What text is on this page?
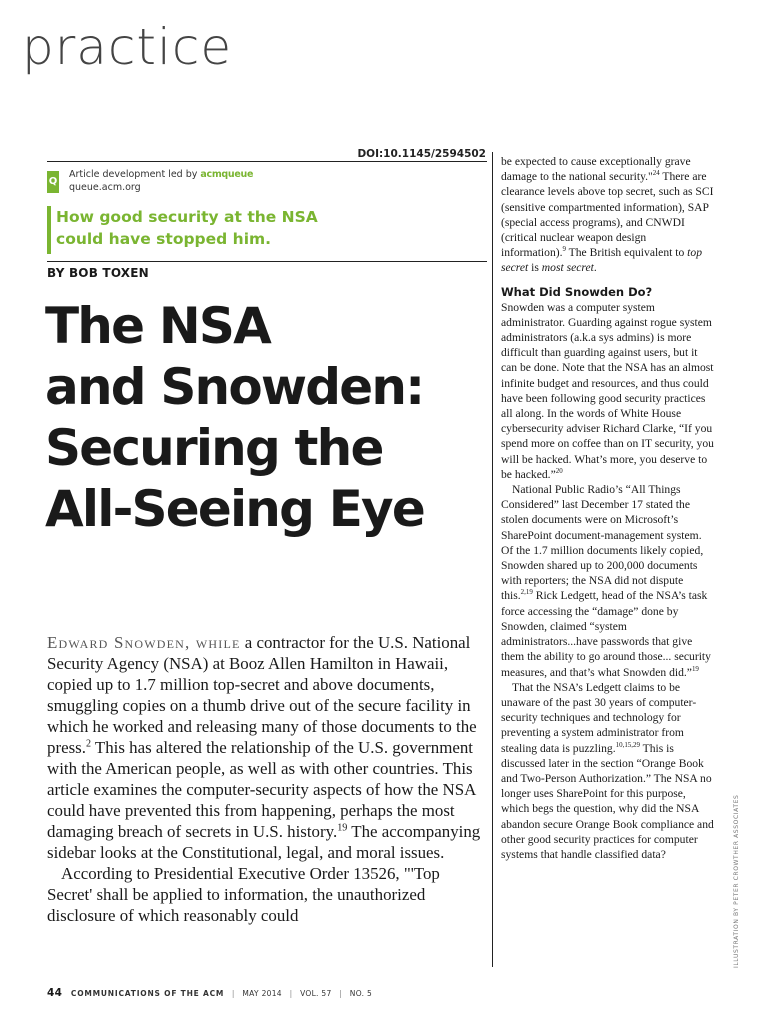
practice
DOI:10.1145/2594502
Q
Article development led by acmqueue
queue.acm.org
How good security at the NSA
could have stopped him.
BY BOB TOXEN
The NSA
and Snowden:
Securing the
All-Seeing Eye

Edward Snowden, while a contractor for the U.S. National Security Agency (NSA) at Booz Allen Hamilton in Hawaii, copied up to 1.7 million top-secret and above documents, smuggling copies on a thumb drive out of the secure facility in which he worked and releasing many of those documents to the press.$^2$ This has altered the relationship of the U.S. government with the American people, as well as with other countries. This article examines the computer-security aspects of how the NSA could have prevented this from happening, perhaps the most damaging breach of secrets in U.S. history.$^{19}$ The accompanying sidebar looks at the Constitutional, legal, and moral issues.

According to Presidential Executive Order 13526, "'Top Secret' shall be applied to information, the unauthorized disclosure of which reasonably could

be expected to cause exceptionally grave damage to the national security."$^{24}$ There are clearance levels above top secret, such as SCI (sensitive compartmented information), SAP (special access programs), and CNWDI (critical nuclear weapon design information).$^9$ The British equivalent to top secret is most secret.

What Did Snowden Do?

Snowden was a computer system administrator. Guarding against rogue system administrators (a.k.a sys admins) is more difficult than guarding against users, but it can be done. Note that the NSA has an almost infinite budget and resources, and thus could have been following good security practices all along. In the words of White House cybersecurity adviser Richard Clarke, “If you spend more on coffee than on IT security, you will be hacked. What’s more, you deserve to be hacked.”$^{20}$

National Public Radio’s “All Things Considered” last December 17 stated the stolen documents were on Microsoft’s SharePoint document-management system. Of the 1.7 million documents likely copied, Snowden shared up to 200,000 documents with reporters; the NSA did not dispute this.$^{2,19}$ Rick Ledgett, head of the NSA’s task force accessing the “damage” done by Snowden, claimed “system administrators...have passwords that give them the ability to go around those... security measures, and that’s what Snowden did.”$^{19}$

That the NSA’s Ledgett claims to be unaware of the past 30 years of computer-security techniques and technology for preventing a system administrator from stealing data is puzzling.$^{10,15,29}$ This is discussed later in the section “Orange Book and Two-Person Authorization.” The NSA no longer uses SharePoint for this purpose, which begs the question, why did the NSA abandon secure Orange Book compliance and other good security practices for computer systems that handle classified data?	ILLUSTRATION BY PETER CROWTHER ASSOCIATES
44 COMMUNICATIONS OF THE ACM | MAY 2014 | VOL. 57 | NO. 5
